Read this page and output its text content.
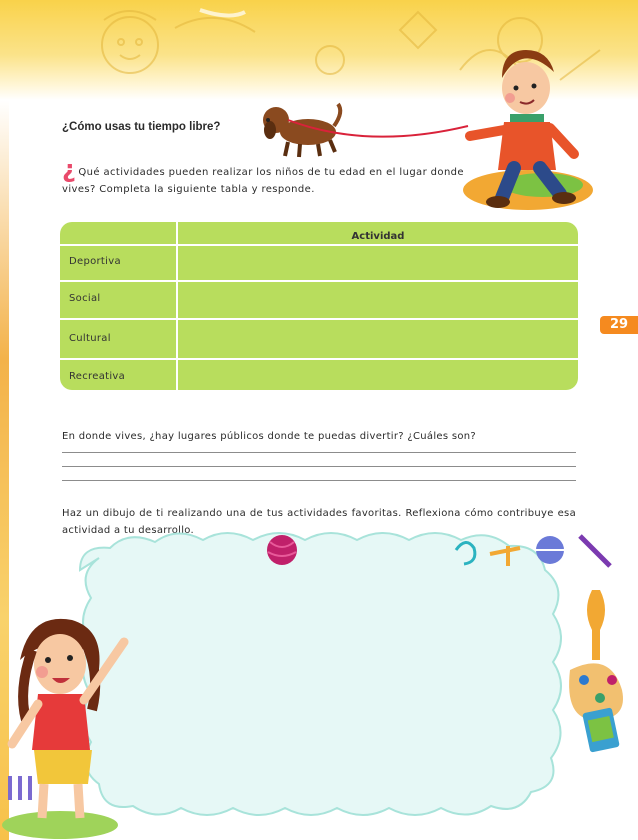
¿Cómo usas tu tiempo libre?
¿ Qué actividades pueden realizar los niños de tu edad en el lugar donde vives? Completa la siguiente tabla y responde.
Actividad
Deportiva
Social
Cultural
Recreativa
29
En donde vives, ¿hay lugares públicos donde te puedas divertir? ¿Cuáles son?
Haz un dibujo de ti realizando una de tus actividades favoritas. Reflexiona cómo contribuye esa actividad a tu desarrollo.
